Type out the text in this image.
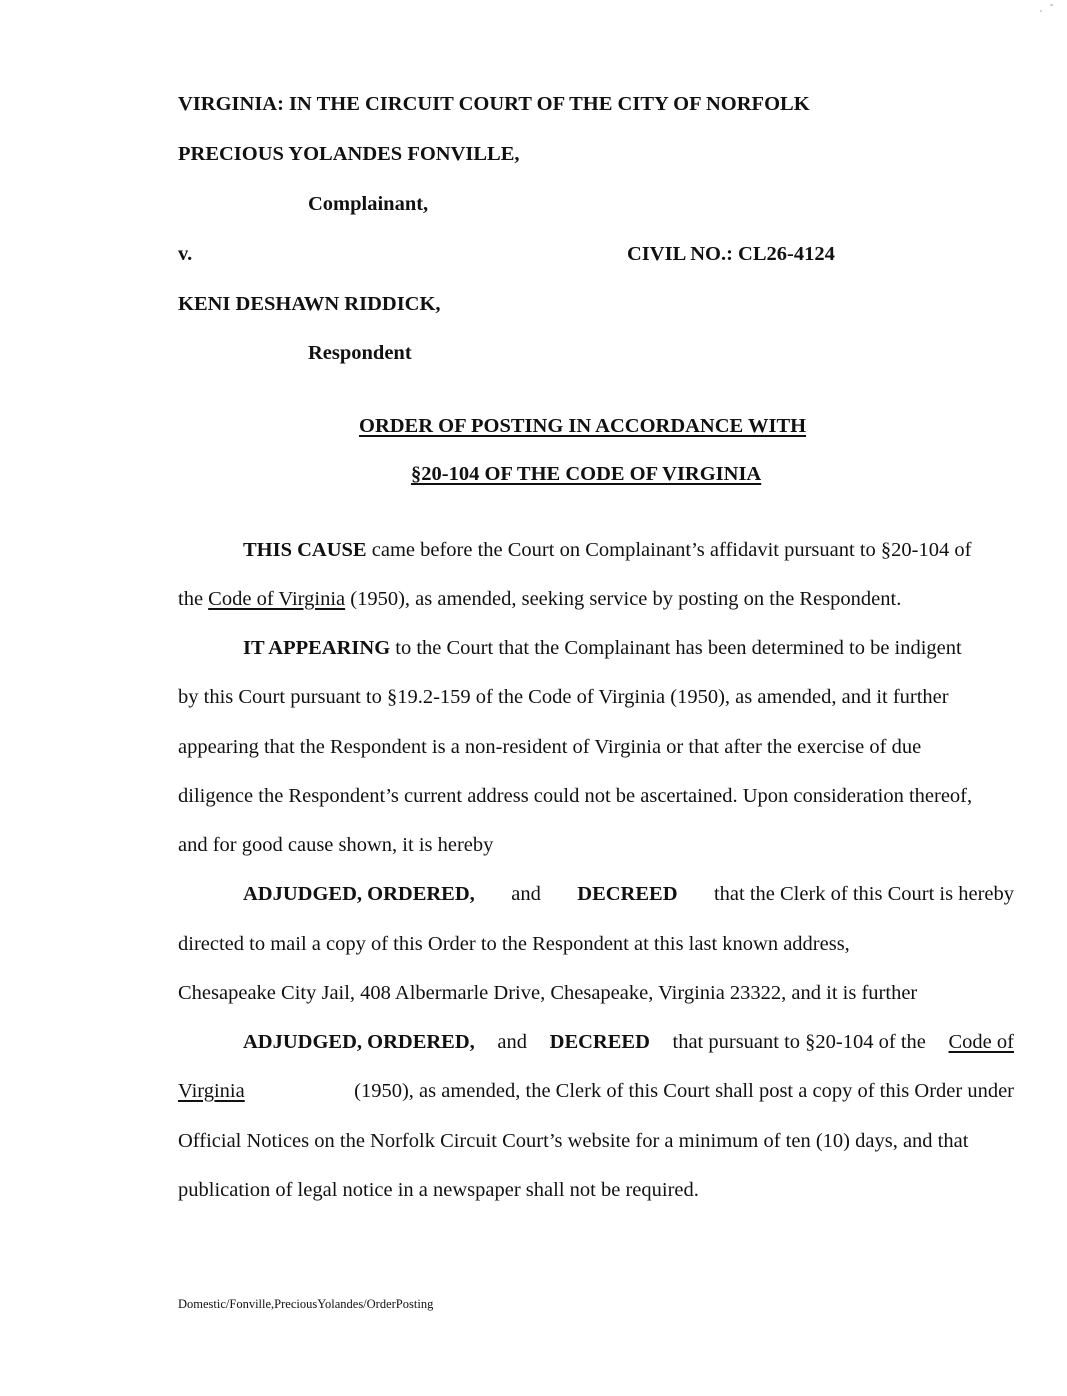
VIRGINIA: IN THE CIRCUIT COURT OF THE CITY OF NORFOLK
PRECIOUS YOLANDES FONVILLE,
Complainant,
v.	CIVIL NO.: CL26-4124
KENI DESHAWN RIDDICK,
Respondent
ORDER OF POSTING IN ACCORDANCE WITH
§20-104 OF THE CODE OF VIRGINIA
THIS CAUSE came before the Court on Complainant’s affidavit pursuant to §20-104 of
the Code of Virginia (1950), as amended, seeking service by posting on the Respondent.
IT APPEARING to the Court that the Complainant has been determined to be indigent
by this Court pursuant to §19.2-159 of the Code of Virginia (1950), as amended, and it further
appearing that the Respondent is a non-resident of Virginia or that after the exercise of due
diligence the Respondent’s current address could not be ascertained. Upon consideration thereof,
and for good cause shown, it is hereby
ADJUDGED, ORDERED, and DECREED that the Clerk of this Court is hereby
directed to mail a copy of this Order to the Respondent at this last known address,
Chesapeake City Jail, 408 Albermarle Drive, Chesapeake, Virginia 23322, and it is further
ADJUDGED, ORDERED, and DECREED that pursuant to §20-104 of the Code of
Virginia	(1950), as amended, the Clerk of this Court shall post a copy of this Order under
Official Notices on the Norfolk Circuit Court’s website for a minimum of ten (10) days, and that
publication of legal notice in a newspaper shall not be required.
Domestic/Fonville,PreciousYolandes/OrderPosting
